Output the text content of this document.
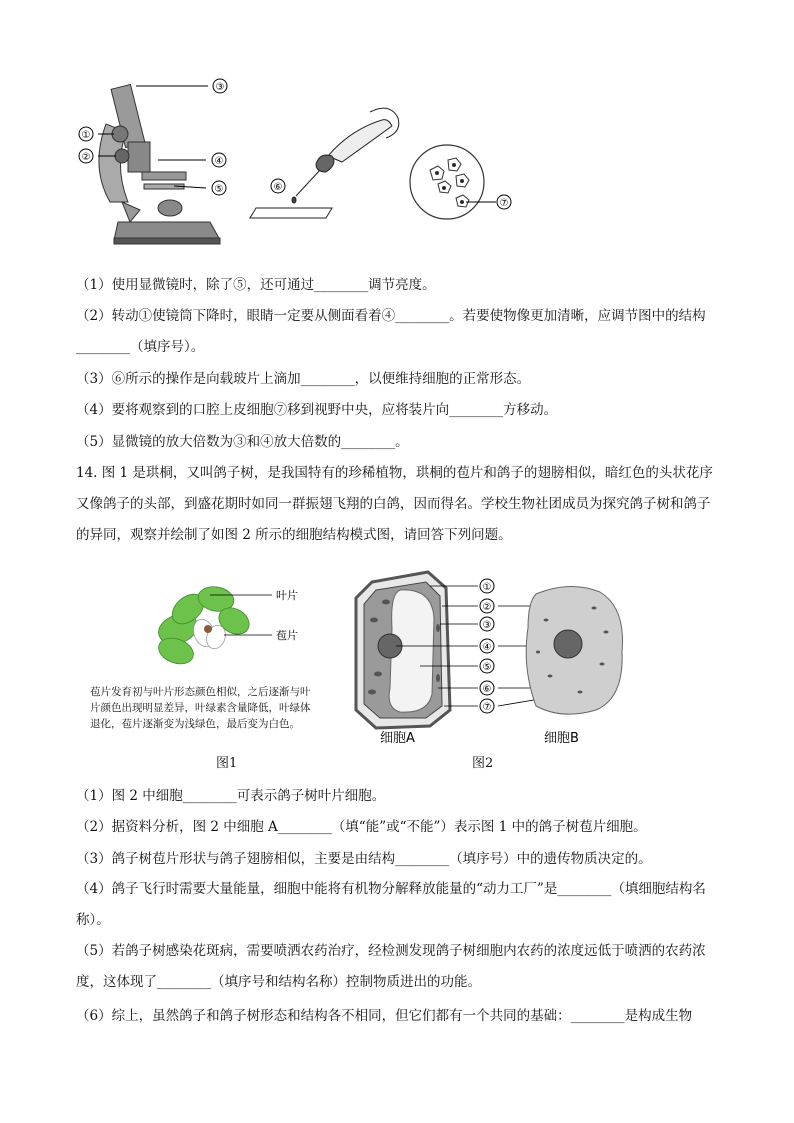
③
①
②	④
⑤	⑥
⑦
（1）使用显微镜时，除了⑤，还可通过________调节亮度。
（2）转动①使镜筒下降时，眼睛一定要从侧面看着④________。若要使物像更加清晰，应调节图中的结构________（填序号）。
（3）⑥所示的操作是向载玻片上滴加________，以便维持细胞的正常形态。
（4）要将观察到的口腔上皮细胞⑦移到视野中央，应将装片向________方移动。
（5）显微镜的放大倍数为③和④放大倍数的________。
14. 图 1 是珙桐，又叫鸽子树，是我国特有的珍稀植物，珙桐的苞片和鸽子的翅膀相似，暗红色的头状花序又像鸽子的头部，到盛花期时如同一群振翅飞翔的白鸽，因而得名。学校生物社团成员为探究鸽子树和鸽子的异同，观察并绘制了如图 2 所示的细胞结构模式图，请回答下列问题。
叶片
苞片
苞片发育初与叶片形态颜色相似，之后逐渐与叶
片颜色出现明显差异，叶绿素含量降低，叶绿体
退化，苞片逐渐变为浅绿色，最后变为白色。
图1
①
②
③
④
⑤
⑥
⑦
细胞A	细胞B
图2
（1）图 2 中细胞________可表示鸽子树叶片细胞。
（2）据资料分析，图 2 中细胞 A________（填“能”或“不能”）表示图 1 中的鸽子树苞片细胞。
（3）鸽子树苞片形状与鸽子翅膀相似，主要是由结构________（填序号）中的遗传物质决定的。
（4）鸽子飞行时需要大量能量，细胞中能将有机物分解释放能量的“动力工厂”是________（填细胞结构名称）。
（5）若鸽子树感染花斑病，需要喷洒农药治疗，经检测发现鸽子树细胞内农药的浓度远低于喷洒的农药浓度，这体现了________（填序号和结构名称）控制物质进出的功能。
（6）综上，虽然鸽子和鸽子树形态和结构各不相同，但它们都有一个共同的基础：________是构成生物
